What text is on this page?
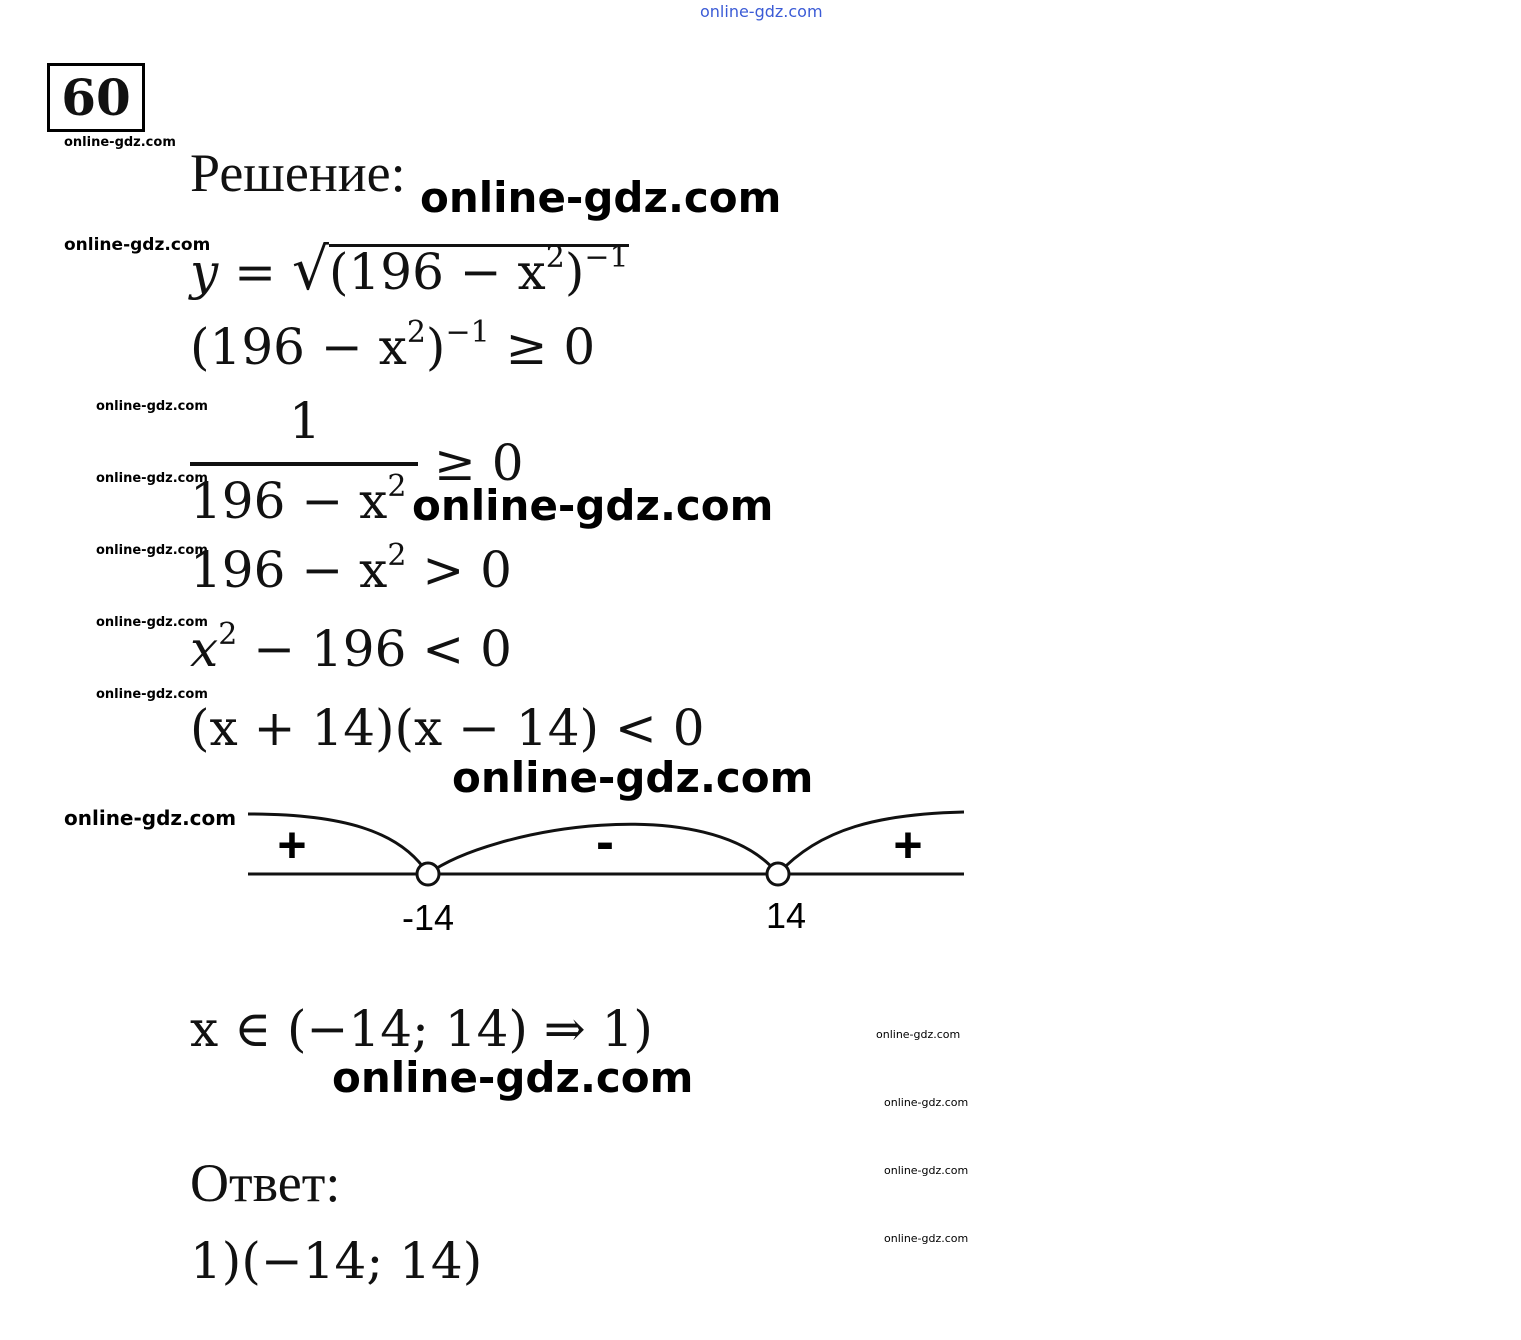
online-gdz.com
60
online-gdz.com
online-gdz.com
online-gdz.com
online-gdz.com
online-gdz.com
online-gdz.com
online-gdz.com
online-gdz.com
online-gdz.com
online-gdz.com
online-gdz.com
online-gdz.com
Решение:
$y = √(196 - x^2)^{-1}$
$(196 - x^2)^{-1} \ge 0$
1
≥ 0
$196 - x^2$
$196 - x^2 > 0$
$x^2 - 196 < 0$
(x + 14)(x − 14) < 0
online-gdz.com
online-gdz.com
online-gdz.com
online-gdz.com
+	-	+
-14	14
x ∈ (−14; 14) ⇒ 1)
Ответ:
1)(−14; 14)
